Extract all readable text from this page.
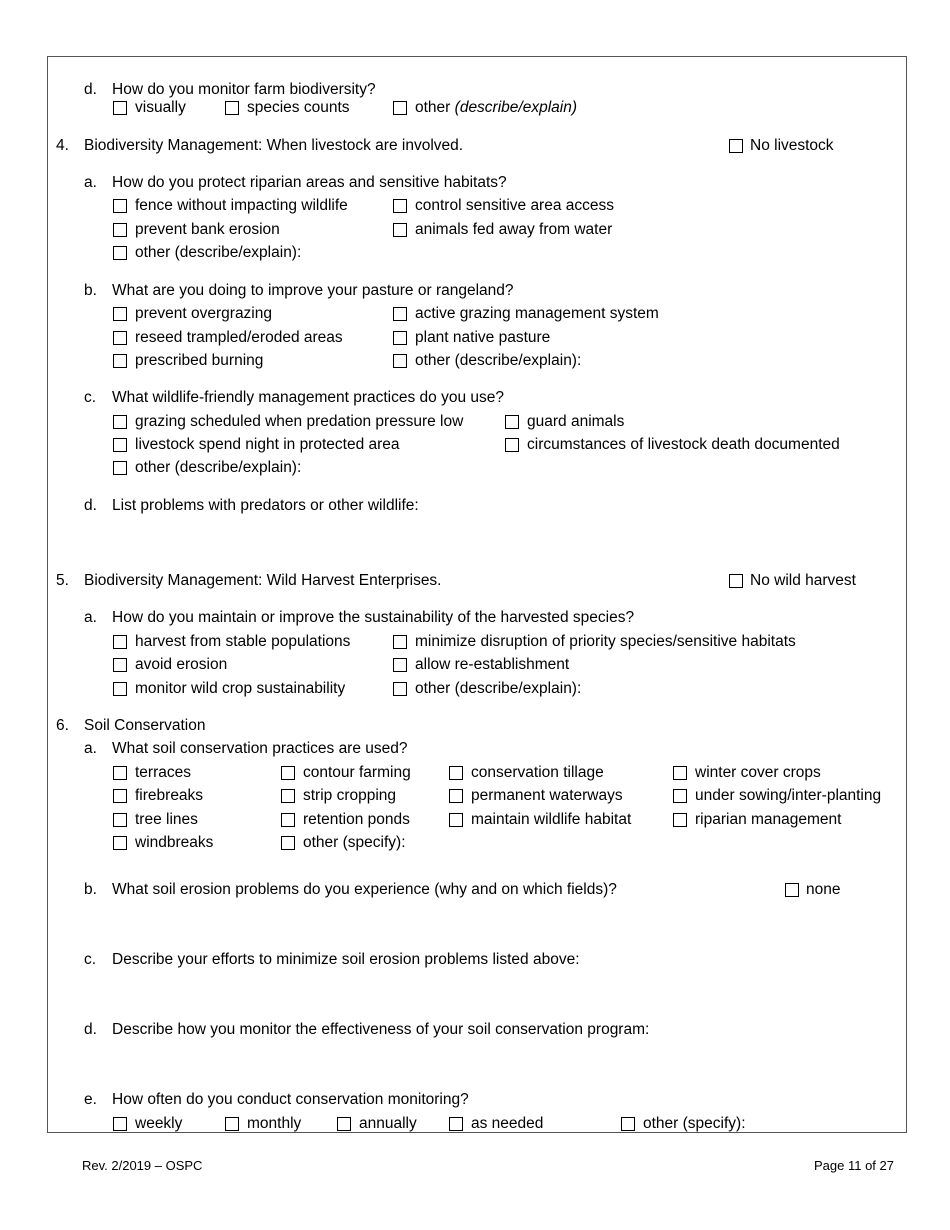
d. How do you monitor farm biodiversity?
visually	species counts	other (describe/explain)
4. Biodiversity Management: When livestock are involved.	No livestock
a. How do you protect riparian areas and sensitive habitats?
fence without impacting wildlife	control sensitive area access
prevent bank erosion	animals fed away from water
other (describe/explain):
b. What are you doing to improve your pasture or rangeland?
prevent overgrazing	active grazing management system
reseed trampled/eroded areas	plant native pasture
prescribed burning	other (describe/explain):
c. What wildlife-friendly management practices do you use?
grazing scheduled when predation pressure low	guard animals
livestock spend night in protected area	circumstances of livestock death documented
other (describe/explain):
d. List problems with predators or other wildlife:
5. Biodiversity Management: Wild Harvest Enterprises.	No wild harvest
a. How do you maintain or improve the sustainability of the harvested species?
harvest from stable populations	minimize disruption of priority species/sensitive habitats
avoid erosion	allow re-establishment
monitor wild crop sustainability	other (describe/explain):
6. Soil Conservation
a. What soil conservation practices are used?
terraces	contour farming	conservation tillage	winter cover crops
firebreaks	strip cropping	permanent waterways	under sowing/inter-planting
tree lines	retention ponds	maintain wildlife habitat	riparian management
windbreaks	other (specify):
b. What soil erosion problems do you experience (why and on which fields)?	none
c. Describe your efforts to minimize soil erosion problems listed above:
d. Describe how you monitor the effectiveness of your soil conservation program:
e. How often do you conduct conservation monitoring?
weekly	monthly	annually	as needed	other (specify):
Rev. 2/2019 – OSPC	Page 11 of 27
